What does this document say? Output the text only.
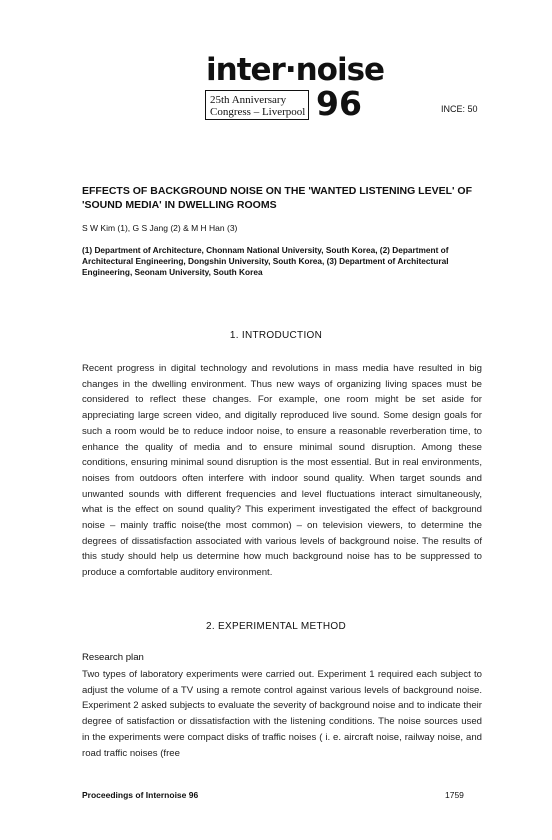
inter·noise
25th Anniversary
Congress – Liverpool 96	INCE: 50
EFFECTS OF BACKGROUND NOISE ON THE 'WANTED LISTENING LEVEL' OF 'SOUND MEDIA' IN DWELLING ROOMS
S W Kim (1), G S Jang (2) & M H Han (3)
(1) Department of Architecture, Chonnam National University, South Korea, (2) Department of Architectural Engineering, Dongshin University, South Korea, (3) Department of Architectural Engineering, Seonam University, South Korea
1. INTRODUCTION

Recent progress in digital technology and revolutions in mass media have resulted in big changes in the dwelling environment. Thus new ways of organizing living spaces must be considered to reflect these changes. For example, one room might be set aside for appreciating large screen video, and digitally reproduced live sound. Some design goals for such a room would be to reduce indoor noise, to ensure a reasonable reverberation time, to enhance the quality of media and to ensure minimal sound disruption. Among these conditions, ensuring minimal sound disruption is the most essential. But in real environments, noises from outdoors often interfere with indoor sound quality. When target sounds and unwanted sounds with different frequencies and level fluctuations interact simultaneously, what is the effect on sound quality? This experiment investigated the effect of background noise – mainly traffic noise(the most common) – on television viewers, to determine the degrees of dissatisfaction associated with various levels of background noise. The results of this study should help us determine how much background noise has to be suppressed to produce a comfortable auditory environment.

2. EXPERIMENTAL METHOD
Research plan

Two types of laboratory experiments were carried out. Experiment 1 required each subject to adjust the volume of a TV using a remote control against various levels of background noise. Experiment 2 asked subjects to evaluate the severity of background noise and to indicate their degree of satisfaction or dissatisfaction with the listening conditions. The noise sources used in the experiments were compact disks of traffic noises ( i. e. aircraft noise, railway noise, and road traffic noises (free

Proceedings of Internoise 96	1759
